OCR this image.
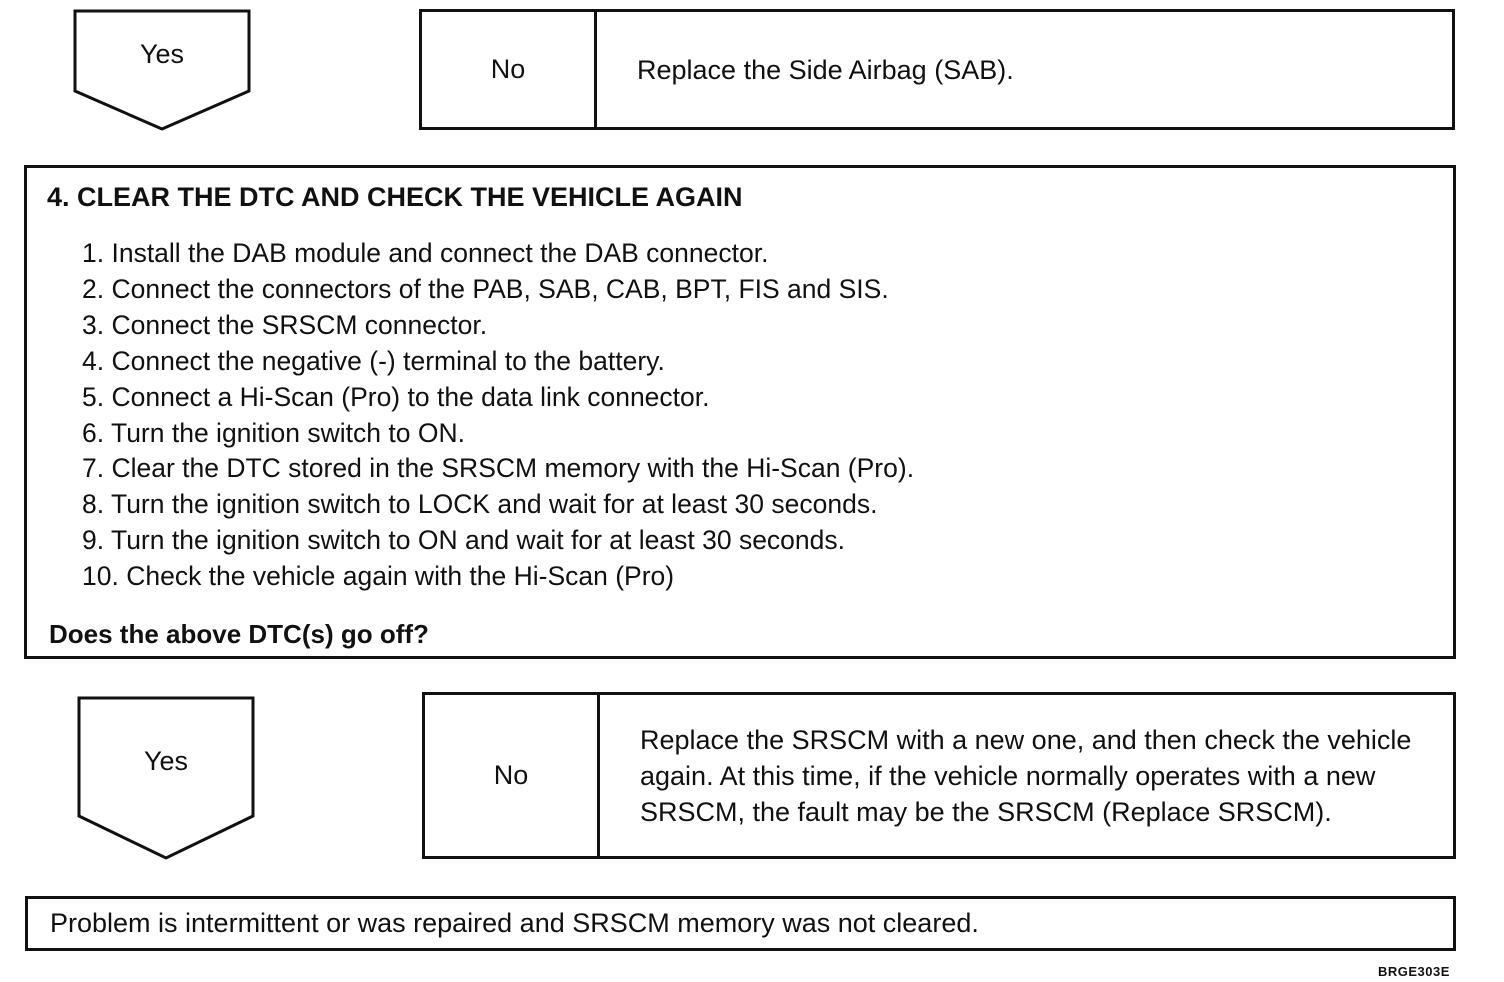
Yes	No	Replace the Side Airbag (SAB).
4. CLEAR THE DTC AND CHECK THE VEHICLE AGAIN
1. Install the DAB module and connect the DAB connector.
2. Connect the connectors of the PAB, SAB, CAB, BPT, FIS and SIS.
3. Connect the SRSCM connector.
4. Connect the negative (-) terminal to the battery.
5. Connect a Hi-Scan (Pro) to the data link connector.
6. Turn the ignition switch to ON.
7. Clear the DTC stored in the SRSCM memory with the Hi-Scan (Pro).
8. Turn the ignition switch to LOCK and wait for at least 30 seconds.
9. Turn the ignition switch to ON and wait for at least 30 seconds.
10. Check the vehicle again with the Hi-Scan (Pro)
Does the above DTC(s) go off?
Yes	No
Replace the SRSCM with a new one, and then check the vehicle again. At this time, if the vehicle normally operates with a new SRSCM, the fault may be the SRSCM (Replace SRSCM).
Problem is intermittent or was repaired and SRSCM memory was not cleared.
BRGE303E
